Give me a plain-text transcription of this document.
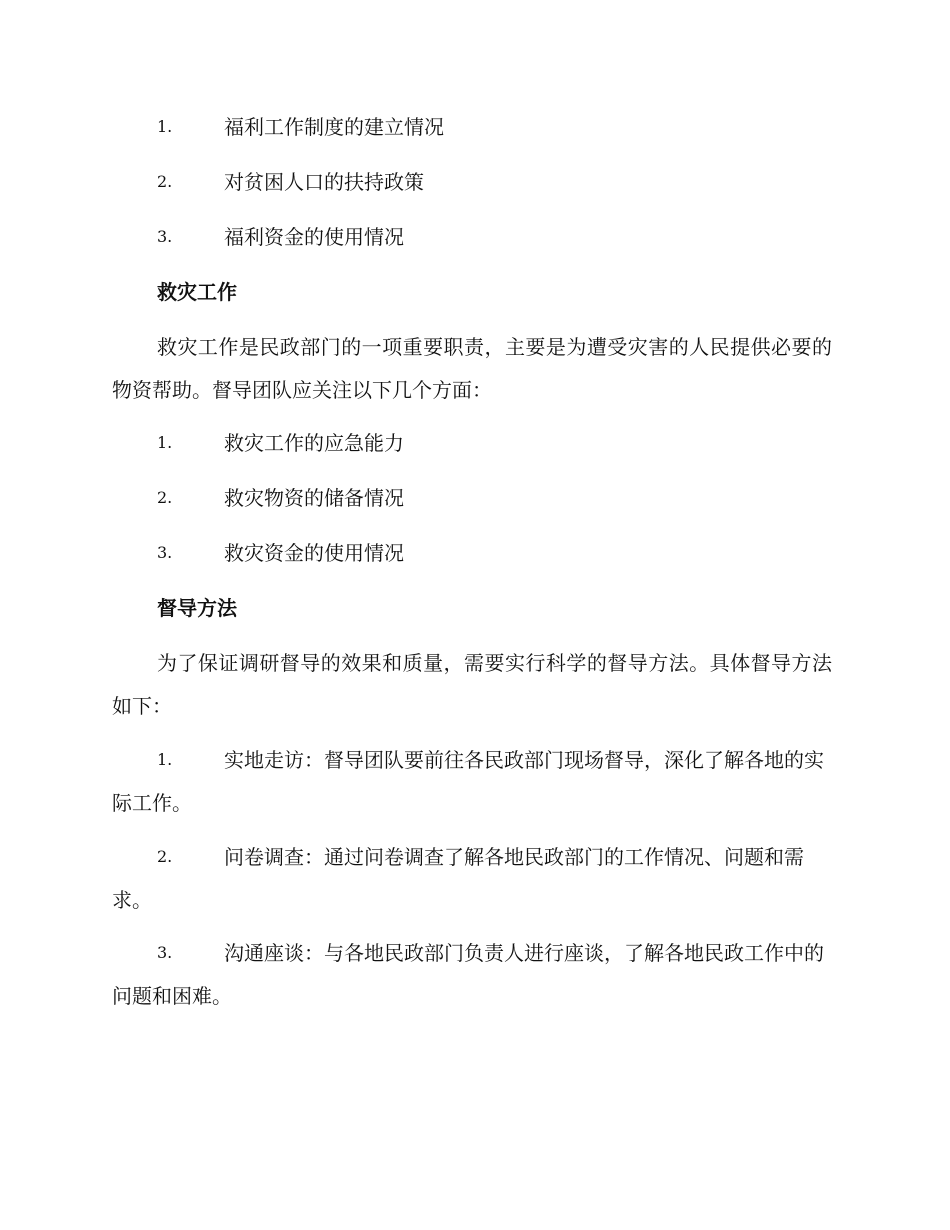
1.	福利工作制度的建立情况
2.	对贫困人口的扶持政策
3.	福利资金的使用情况
救灾工作
救灾工作是民政部门的一项重要职责，主要是为遭受灾害的人民提供必要的物资帮助。督导团队应关注以下几个方面：
1.	救灾工作的应急能力
2.	救灾物资的储备情况
3.	救灾资金的使用情况
督导方法
为了保证调研督导的效果和质量，需要实行科学的督导方法。具体督导方法如下：
1.	实地走访：督导团队要前往各民政部门现场督导，深化了解各地的实际工作。
2.	问卷调查：通过问卷调查了解各地民政部门的工作情况、问题和需求。
3.	沟通座谈：与各地民政部门负责人进行座谈，了解各地民政工作中的问题和困难。
